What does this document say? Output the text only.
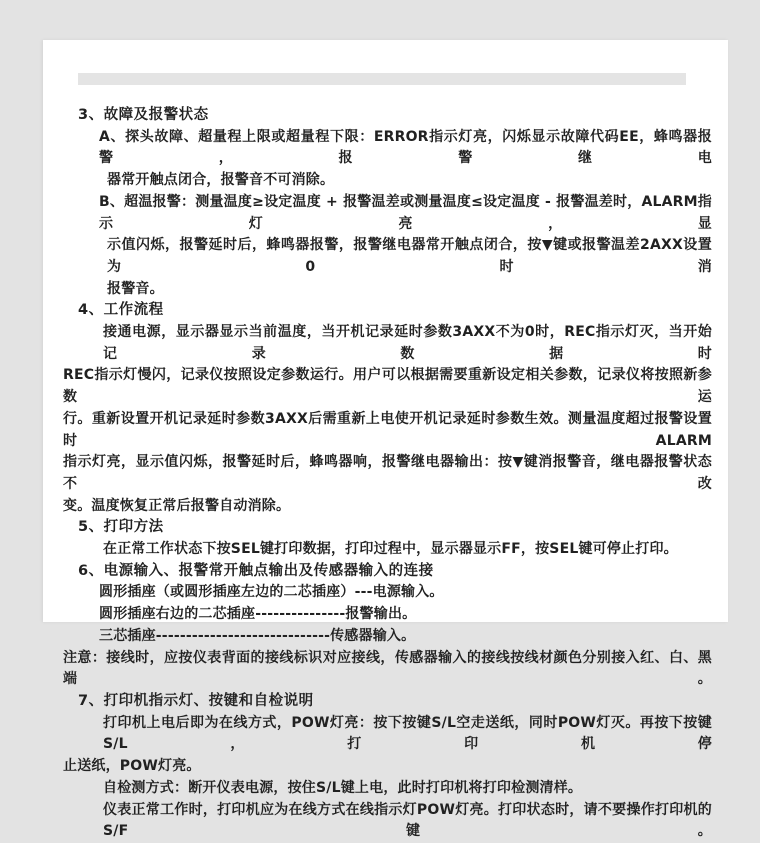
3、故障及报警状态
A、探头故障、超量程上限或超量程下限：ERROR指示灯亮，闪烁显示故障代码EE，蜂鸣器报警，报警继电
器常开触点闭合，报警音不可消除。
B、超温报警：测量温度≥设定温度 + 报警温差或测量温度≤设定温度 - 报警温差时，ALARM指示灯亮，显
示值闪烁，报警延时后，蜂鸣器报警，报警继电器常开触点闭合，按▼键或报警温差2AXX设置为0时消
报警音。
4、工作流程
接通电源，显示器显示当前温度，当开机记录延时参数3AXX不为0时，REC指示灯灭，当开始记录数据时
REC指示灯慢闪，记录仪按照设定参数运行。用户可以根据需要重新设定相关参数，记录仪将按照新参数运
行。重新设置开机记录延时参数3AXX后需重新上电使开机记录延时参数生效。测量温度超过报警设置时ALARM
指示灯亮，显示值闪烁，报警延时后，蜂鸣器响，报警继电器输出：按▼键消报警音，继电器报警状态不改
变。温度恢复正常后报警自动消除。
5、打印方法
在正常工作状态下按SEL键打印数据，打印过程中，显示器显示FF，按SEL键可停止打印。
6、电源输入、报警常开触点输出及传感器输入的连接
圆形插座（或圆形插座左边的二芯插座）---电源输入。
圆形插座右边的二芯插座---------------报警输出。
三芯插座-----------------------------传感器输入。
注意：接线时，应按仪表背面的接线标识对应接线，传感器输入的接线按线材颜色分别接入红、白、黑端。
7、打印机指示灯、按键和自检说明
打印机上电后即为在线方式，POW灯亮：按下按键S/L空走送纸，同时POW灯灭。再按下按键S/L，打印机停
止送纸，POW灯亮。
自检测方式：断开仪表电源，按住S/L键上电，此时打印机将打印检测清样。
仪表正常工作时，打印机应为在线方式在线指示灯POW灯亮。打印状态时，请不要操作打印机的S/F键。
